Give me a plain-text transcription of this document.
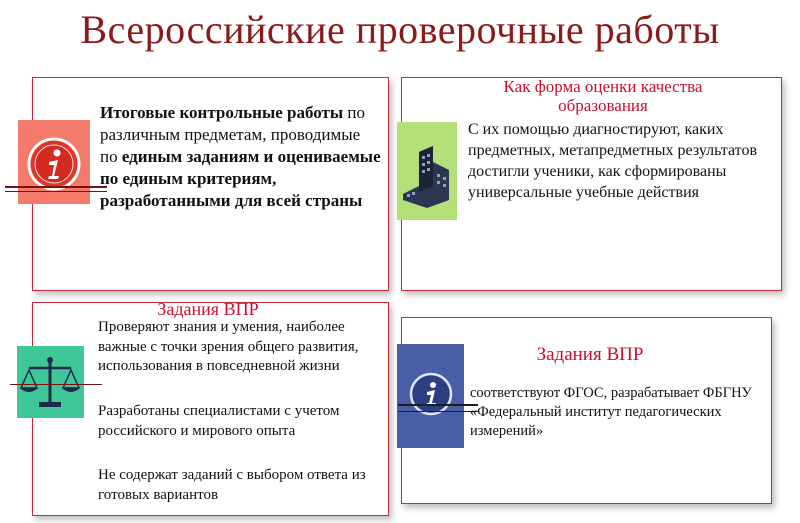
Всероссийские проверочные работы
Итоговые контрольные работы по различным предметам, проводимые по единым заданиям и оцениваемые по единым критериям, разработанными для всей страны
Как форма оценки качества образования
С их помощью диагностируют, каких предметных, метапредметных результатов достигли ученики, как сформированы универсальные учебные действия
Задания ВПР
Проверяют знания и умения, наиболее важные с точки зрения общего развития, использования в повседневной жизни
Разработаны специалистами с учетом российского и мирового опыта
Не содержат заданий с выбором ответа из готовых вариантов
Задания ВПР
соответствуют ФГОС, разрабатывает ФБГНУ «Федеральный институт педагогических измерений»
